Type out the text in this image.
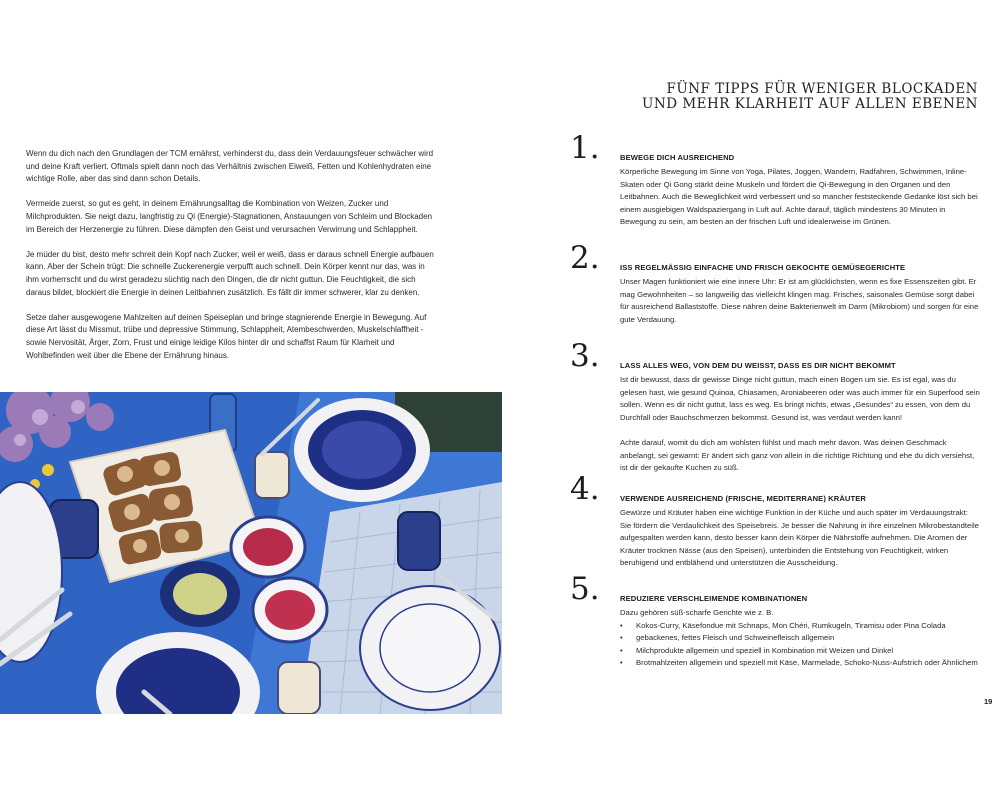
Wenn du dich nach den Grundlagen der TCM ernährst, verhinderst du, dass dein Verdauungsfeuer schwächer wird und deine Kraft verliert. Oftmals spielt dann noch das Verhältnis zwischen Eiweiß, Fetten und Kohlenhydraten eine wichtige Rolle, aber das sind dann schon Details.

Vermeide zuerst, so gut es geht, in deinem Ernährungsalltag die Kombination von Weizen, Zucker und Milchprodukten. Sie neigt dazu, langfristig zu Qi (Energie)-Stagnationen, Anstauungen von Schleim und Blockaden im Bereich der Herzenergie zu führen. Diese dämpfen den Geist und verursachen Verwirrung und Schlappheit.

Je müder du bist, desto mehr schreit dein Kopf nach Zucker, weil er weiß, dass er daraus schnell Energie aufbauen kann. Aber der Schein trügt: Die schnelle Zuckerenergie verpufft auch schnell. Dein Körper kennt nur das, was in ihm vorherrscht und du wirst geradezu süchtig nach den Dingen, die dir nicht guttun. Die Feuchtigkeit, die sich daraus bildet, blockiert die Energie in deinen Leitbahnen zusätzlich. Es fällt dir immer schwerer, klar zu denken.

Setze daher ausgewogene Mahlzeiten auf deinen Speiseplan und bringe stagnierende Energie in Bewegung. Auf diese Art lässt du Missmut, trübe und depressive Stimmung, Schlappheit, Atembeschwerden, Muskelschlaffheit - sowie Nervosität, Ärger, Zorn, Frust und einige leidige Kilos hinter dir und schaffst Raum für Klarheit und Wohlbefinden weit über die Ebene der Ernährung hinaus.

FÜNF TIPPS FÜR WENIGER BLOCKADEN
UND MEHR KLARHEIT AUF ALLEN EBENEN
1.	BEWEGE DICH AUSREICHEND

Körperliche Bewegung im Sinne von Yoga, Pilates, Joggen, Wandern, Radfahren, Schwimmen, Inline-Skaten oder Qi Gong stärkt deine Muskeln und fördert die Qi-Bewegung in den Organen und den Leitbahnen. Auch die Beweglichkeit wird verbessert und so mancher feststeckende Gedanke löst sich bei einem ausgiebigen Waldspaziergang in Luft auf. Achte darauf, täglich mindestens 30 Minuten in Bewegung zu sein, am besten an der frischen Luft und idealerweise im Grünen.

2.	ISS REGELMÄSSIG EINFACHE UND FRISCH GEKOCHTE GEMÜSEGERICHTE

Unser Magen funktioniert wie eine innere Uhr: Er ist am glücklichsten, wenn es fixe Essenszeiten gibt. Er mag Gewohnheiten – so langweilig das vielleicht klingen mag. Frisches, saisonales Gemüse sorgt dabei für ausreichend Ballaststoffe. Diese nähren deine Bakterienwelt im Darm (Mikrobiom) und sorgen für eine gute Verdauung.

3.	LASS ALLES WEG, VON DEM DU WEISST, DASS ES DIR NICHT BEKOMMT

Ist dir bewusst, dass dir gewisse Dinge nicht guttun, mach einen Bogen um sie. Es ist egal, was du gelesen hast, wie gesund Quinoa, Chiasamen, Aroniabeeren oder was auch immer für ein Superfood sein sollen. Wenn es dir nicht guttut, lass es weg. Es bringt nichts, etwas „Gesundes“ zu essen, von dem du Durchfall oder Bauchschmerzen bekommst. Gesund ist, was verdaut werden kann!

Achte darauf, womit du dich am wohlsten fühlst und mach mehr davon. Was deinen Geschmack anbelangt, sei gewarnt: Er ändert sich ganz von allein in die richtige Richtung und ehe du dich versiehst, ist dir der gekaufte Kuchen zu süß.

4.	VERWENDE AUSREICHEND (FRISCHE, MEDITERRANE) KRÄUTER

Gewürze und Kräuter haben eine wichtige Funktion in der Küche und auch später im Verdauungstrakt: Sie fördern die Verdaulichkeit des Speisebreis. Je besser die Nahrung in ihre einzelnen Mikrobestandteile aufgespalten werden kann, desto besser kann dein Körper die Nährstoffe aufnehmen. Die Aromen der Kräuter trocknen Nässe (aus den Speisen), unterbinden die Entstehung von Feuchtigkeit, wirken beruhigend und entblähend und unterstützen die Ausscheidung.

5.	REDUZIERE VERSCHLEIMENDE KOMBINATIONEN

Dazu gehören süß-scharfe Gerichte wie z. B.

• Kokos-Curry, Käsefondue mit Schnaps, Mon Chéri, Rumkugeln, Tiramisu oder Pina Colada
• gebackenes, fettes Fleisch und Schweinefleisch allgemein
• Milchprodukte allgemein und speziell in Kombination mit Weizen und Dinkel
• Brotmahlzeiten allgemein und speziell mit Käse, Marmelade, Schoko-Nuss-Aufstrich oder Ähnlichem
19
